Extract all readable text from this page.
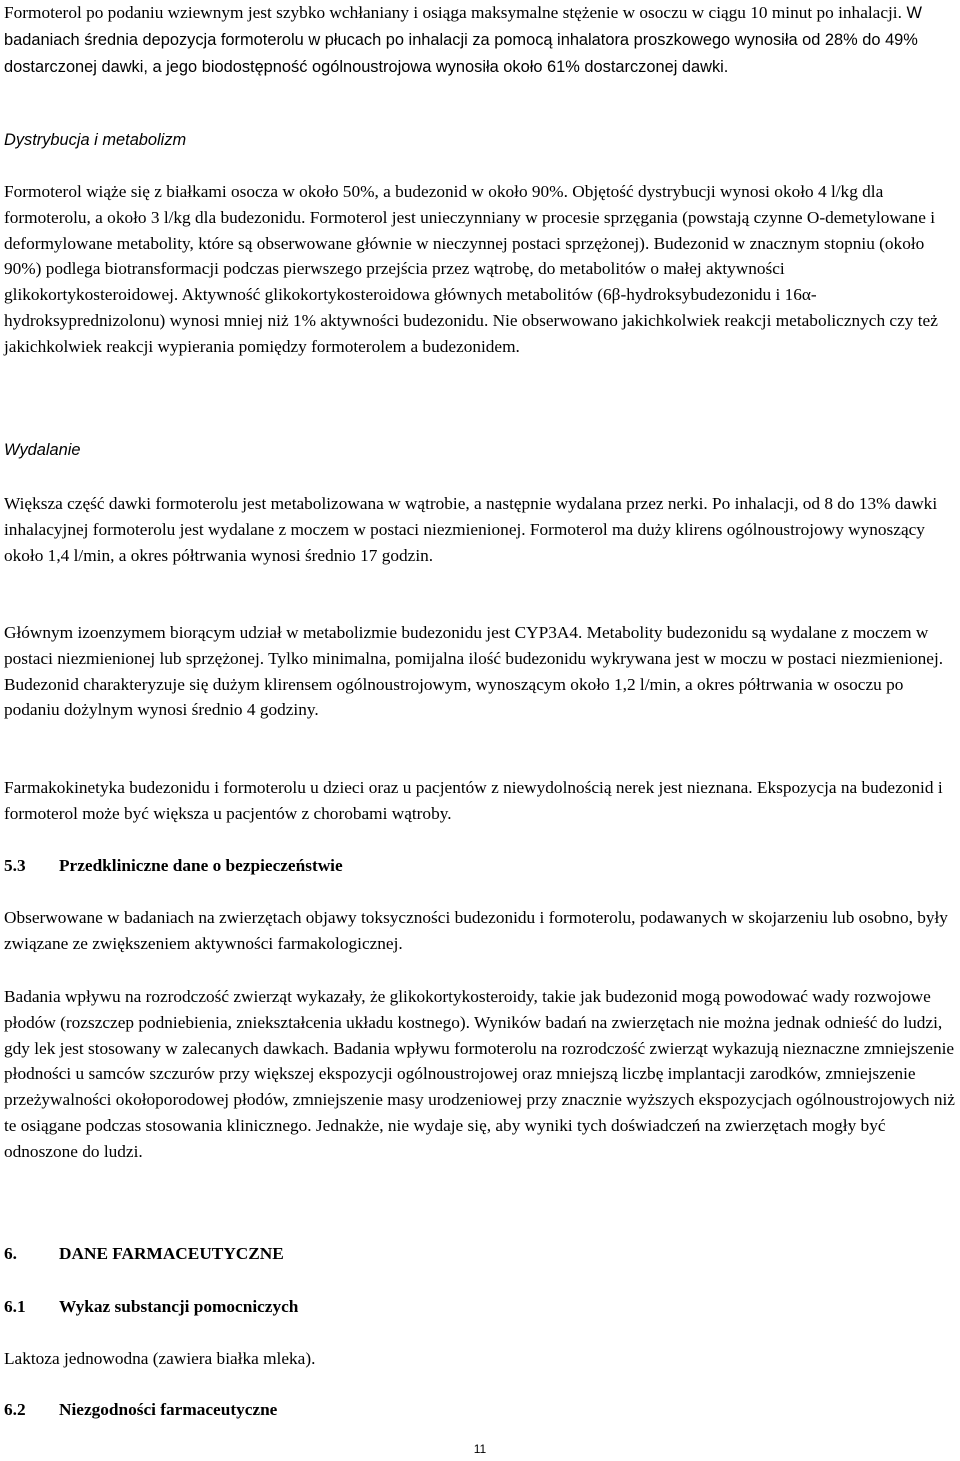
Formoterol po podaniu wziewnym jest szybko wchłaniany i osiąga maksymalne stężenie w osoczu w ciągu 10 minut po inhalacji. W badaniach średnia depozycja formoterolu w płucach po inhalacji za pomocą inhalatora proszkowego wynosiła od 28% do 49% dostarczonej dawki, a jego biodostępność ogólnoustrojowa wynosiła około 61% dostarczonej dawki.

Dystrybucja i metabolizm

Formoterol wiąże się z białkami osocza w około 50%, a budezonid w około 90%. Objętość dystrybucji wynosi około 4 l/kg dla formoterolu, a około 3 l/kg dla budezonidu. Formoterol jest unieczynniany w procesie sprzęgania (powstają czynne O-demetylowane i deformylowane metabolity, które są obserwowane głównie w nieczynnej postaci sprzężonej). Budezonid w znacznym stopniu (około 90%) podlega biotransformacji podczas pierwszego przejścia przez wątrobę, do metabolitów o małej aktywności glikokortykosteroidowej. Aktywność glikokortykosteroidowa głównych metabolitów (6β-hydroksybudezonidu i 16α-hydroksyprednizolonu) wynosi mniej niż 1% aktywności budezonidu. Nie obserwowano jakichkolwiek reakcji metabolicznych czy też jakichkolwiek reakcji wypierania pomiędzy formoterolem a budezonidem.

Wydalanie

Większa część dawki formoterolu jest metabolizowana w wątrobie, a następnie wydalana przez nerki. Po inhalacji, od 8 do 13% dawki inhalacyjnej formoterolu jest wydalane z moczem w postaci niezmienionej. Formoterol ma duży klirens ogólnoustrojowy wynoszący około 1,4 l/min, a okres półtrwania wynosi średnio 17 godzin.

Głównym izoenzymem biorącym udział w metabolizmie budezonidu jest CYP3A4. Metabolity budezonidu są wydalane z moczem w postaci niezmienionej lub sprzężonej. Tylko minimalna, pomijalna ilość budezonidu wykrywana jest w moczu w postaci niezmienionej. Budezonid charakteryzuje się dużym klirensem ogólnoustrojowym, wynoszącym około 1,2 l/min, a okres półtrwania w osoczu po podaniu dożylnym wynosi średnio 4 godziny.

Farmakokinetyka budezonidu i formoterolu u dzieci oraz u pacjentów z niewydolnością nerek jest nieznana. Ekspozycja na budezonid i formoterol może być większa u pacjentów z chorobami wątroby.

5.3 Przedkliniczne dane o bezpieczeństwie

Obserwowane w badaniach na zwierzętach objawy toksyczności budezonidu i formoterolu, podawanych w skojarzeniu lub osobno, były związane ze zwiększeniem aktywności farmakologicznej.

Badania wpływu na rozrodczość zwierząt wykazały, że glikokortykosteroidy, takie jak budezonid mogą powodować wady rozwojowe płodów (rozszczep podniebienia, zniekształcenia układu kostnego). Wyników badań na zwierzętach nie można jednak odnieść do ludzi, gdy lek jest stosowany w zalecanych dawkach. Badania wpływu formoterolu na rozrodczość zwierząt wykazują nieznaczne zmniejszenie płodności u samców szczurów przy większej ekspozycji ogólnoustrojowej oraz mniejszą liczbę implantacji zarodków, zmniejszenie przeżywalności okołoporodowej płodów, zmniejszenie masy urodzeniowej przy znacznie wyższych ekspozycjach ogólnoustrojowych niż te osiągane podczas stosowania klinicznego. Jednakże, nie wydaje się, aby wyniki tych doświadczeń na zwierzętach mogły być odnoszone do ludzi.

6. DANE FARMACEUTYCZNE

6.1 Wykaz substancji pomocniczych

Laktoza jednowodna (zawiera białka mleka).

6.2 Niezgodności farmaceutyczne

11
